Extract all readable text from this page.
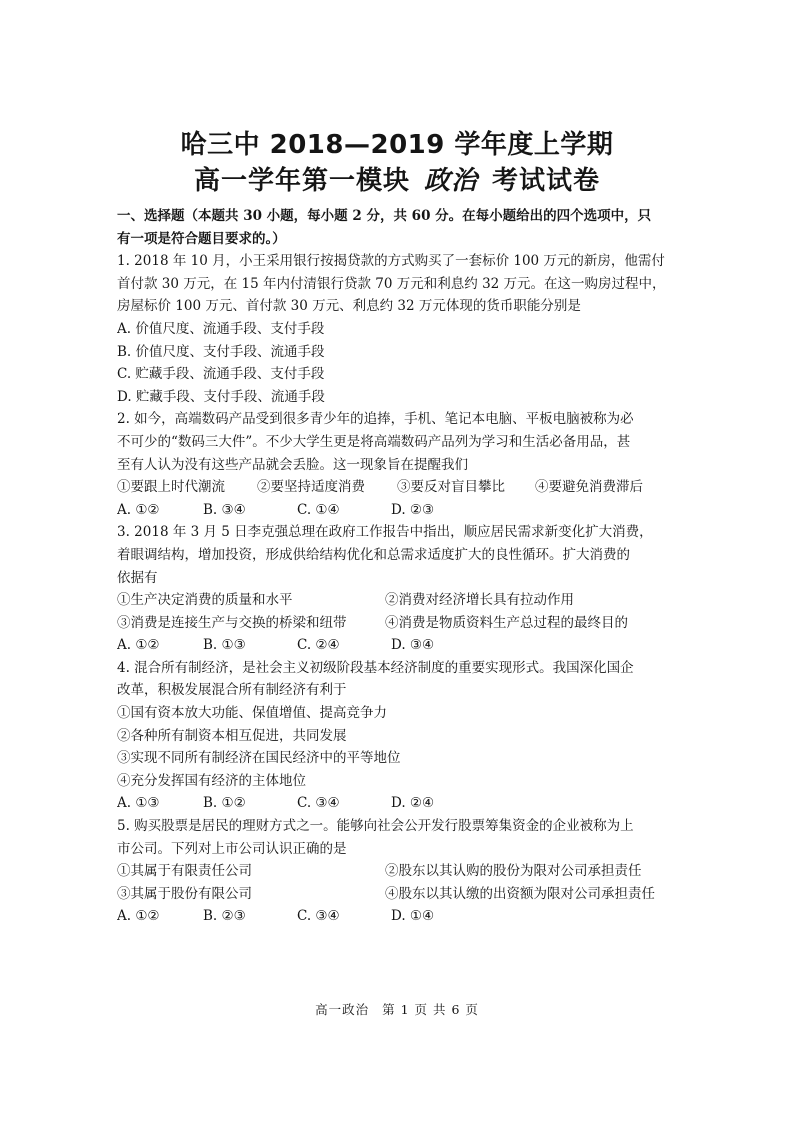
哈三中 2018—2019 学年度上学期
高一学年第一模块 政治 考试试卷
一、选择题（本题共 30 小题，每小题 2 分，共 60 分。在每小题给出的四个选项中，只
有一项是符合题目要求的。）
1. 2018 年 10 月，小王采用银行按揭贷款的方式购买了一套标价 100 万元的新房，他需付
首付款 30 万元，在 15 年内付清银行贷款 70 万元和利息约 32 万元。在这一购房过程中，
房屋标价 100 万元、首付款 30 万元、利息约 32 万元体现的货币职能分别是
A. 价值尺度、流通手段、支付手段
B. 价值尺度、支付手段、流通手段
C. 贮藏手段、流通手段、支付手段
D. 贮藏手段、支付手段、流通手段
2. 如今，高端数码产品受到很多青少年的追捧，手机、笔记本电脑、平板电脑被称为必
不可少的“数码三大件”。不少大学生更是将高端数码产品列为学习和生活必备用品，甚
至有人认为没有这些产品就会丢脸。这一现象旨在提醒我们
①要跟上时代潮流	②要坚持适度消费	③要反对盲目攀比	④要避免消费滞后
A. ①②	B. ③④	C. ①④	D. ②③
3. 2018 年 3 月 5 日李克强总理在政府工作报告中指出，顺应居民需求新变化扩大消费，
着眼调结构，增加投资，形成供给结构优化和总需求适度扩大的良性循环。扩大消费的
依据有
①生产决定消费的质量和水平	②消费对经济增长具有拉动作用
③消费是连接生产与交换的桥梁和纽带	④消费是物质资料生产总过程的最终目的
A. ①②	B. ①③	C. ②④	D. ③④
4. 混合所有制经济，是社会主义初级阶段基本经济制度的重要实现形式。我国深化国企
改革，积极发展混合所有制经济有利于
①国有资本放大功能、保值增值、提高竞争力
②各种所有制资本相互促进，共同发展
③实现不同所有制经济在国民经济中的平等地位
④充分发挥国有经济的主体地位
A. ①③	B. ①②	C. ③④	D. ②④
5. 购买股票是居民的理财方式之一。能够向社会公开发行股票筹集资金的企业被称为上
市公司。下列对上市公司认识正确的是
①其属于有限责任公司	②股东以其认购的股份为限对公司承担责任
③其属于股份有限公司	④股东以其认缴的出资额为限对公司承担责任
A. ①②	B. ②③	C. ③④	D. ①④
高一政治 第 1 页 共 6 页
